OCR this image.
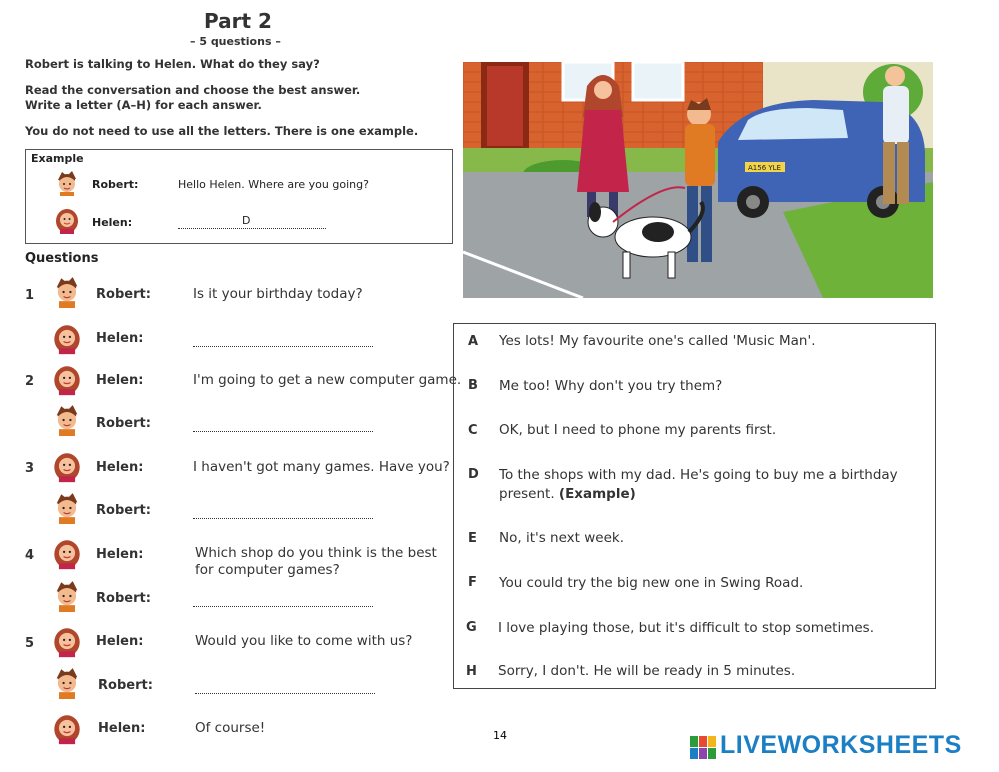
Part 2
– 5 questions –
Robert is talking to Helen. What do they say?
Read the conversation and choose the best answer.
Write a letter (A–H) for each answer.
You do not need to use all the letters. There is one example.
Example
Robert:	Hello Helen. Where are you going?
Helen:	D
Questions
1	Robert:	Is it your birthday today?
Helen:
2	Helen:	I'm going to get a new computer game.
Robert:
3	Helen:	I haven't got many games. Have you?
Robert:
4	Helen:	Which shop do you think is the best for computer games?
Robert:
5	Helen:	Would you like to come with us?
Robert:
Helen:	Of course!
A156 YLE
A Yes lots! My favourite one's called 'Music Man'.
B Me too! Why don't you try them?
C OK, but I need to phone my parents first.
D To the shops with my dad. He's going to buy me a birthday present. (Example)
E No, it's next week.
F You could try the big new one in Swing Road.
G I love playing those, but it's difficult to stop sometimes.
H Sorry, I don't. He will be ready in 5 minutes.
14	LIVEWORKSHEETS
